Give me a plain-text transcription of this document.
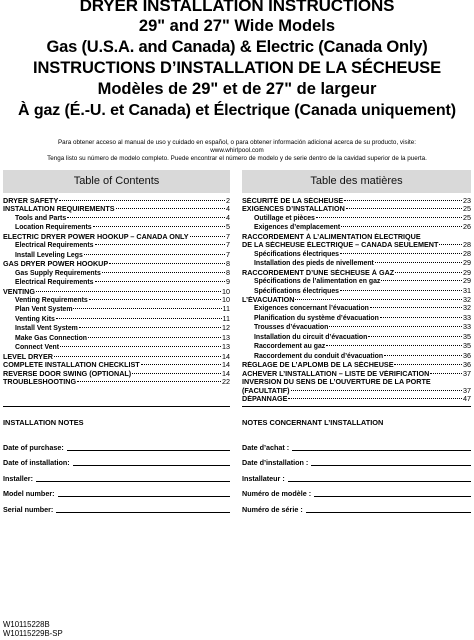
DRYER INSTALLATION INSTRUCTIONS
29" and 27" Wide Models
Gas (U.S.A. and Canada) & Electric (Canada Only)
INSTRUCTIONS D’INSTALLATION DE LA SÉCHEUSE
Modèles de 29" et de 27" de largeur
À gaz (É.-U. et Canada) et Électrique (Canada uniquement)
Para obtener acceso al manual de uso y cuidado en español, o para obtener información adicional acerca de su producto, visite:
www.whirlpool.com
Tenga listo su número de modelo completo. Puede encontrar el número de modelo y de serie dentro de la cavidad superior de la puerta.
Table of Contents	Table des matières
DRYER SAFETY	2
INSTALLATION REQUIREMENTS	4
Tools and Parts	4
Location Requirements	5
ELECTRIC DRYER POWER HOOKUP – CANADA ONLY	7
Electrical Requirements	7
Install Leveling Legs	7
GAS DRYER POWER HOOKUP	8
Gas Supply Requirements	8
Electrical Requirements	9
VENTING	10
Venting Requirements	10
Plan Vent System	11
Venting Kits	11
Install Vent System	12
Make Gas Connection	13
Connect Vent	13
LEVEL DRYER	14
COMPLETE INSTALLATION CHECKLIST	14
REVERSE DOOR SWING (OPTIONAL)	14
TROUBLESHOOTING	22
SÉCURITÉ DE LA SÉCHEUSE	23
EXIGENCES D’INSTALLATION	25
Outillage et pièces	25
Exigences d’emplacement	26
RACCORDEMENT À L’ALIMENTATION ÉLECTRIQUE
DE LA SÉCHEUSE ÉLECTRIQUE – CANADA SEULEMENT	28
Spécifications électriques	28
Installation des pieds de nivellement	29
RACCORDEMENT D’UNE SÉCHEUSE À GAZ	29
Spécifications de l’alimentation en gaz	29
Spécifications électriques	31
L’ÉVACUATION	32
Exigences concernant l’évacuation	32
Planification du système d’évacuation	33
Trousses d’évacuation	33
Installation du circuit d’évacuation	35
Raccordement au gaz	35
Raccordement du conduit d’évacuation	36
RÉGLAGE DE L’APLOMB DE LA SÉCHEUSE	36
ACHEVER L’INSTALLATION – LISTE DE VÉRIFICATION	37
INVERSION DU SENS DE L’OUVERTURE DE LA PORTE
(FACULTATIF)	37
DÉPANNAGE	47
INSTALLATION NOTES	NOTES CONCERNANT L’INSTALLATION
Date of purchase:
Date of installation:
Installer:
Model number:
Serial number:
Date d’achat :
Date d’installation :
Installateur :
Numéro de modèle :
Numéro de série :
W10115228B
W10115229B-SP
